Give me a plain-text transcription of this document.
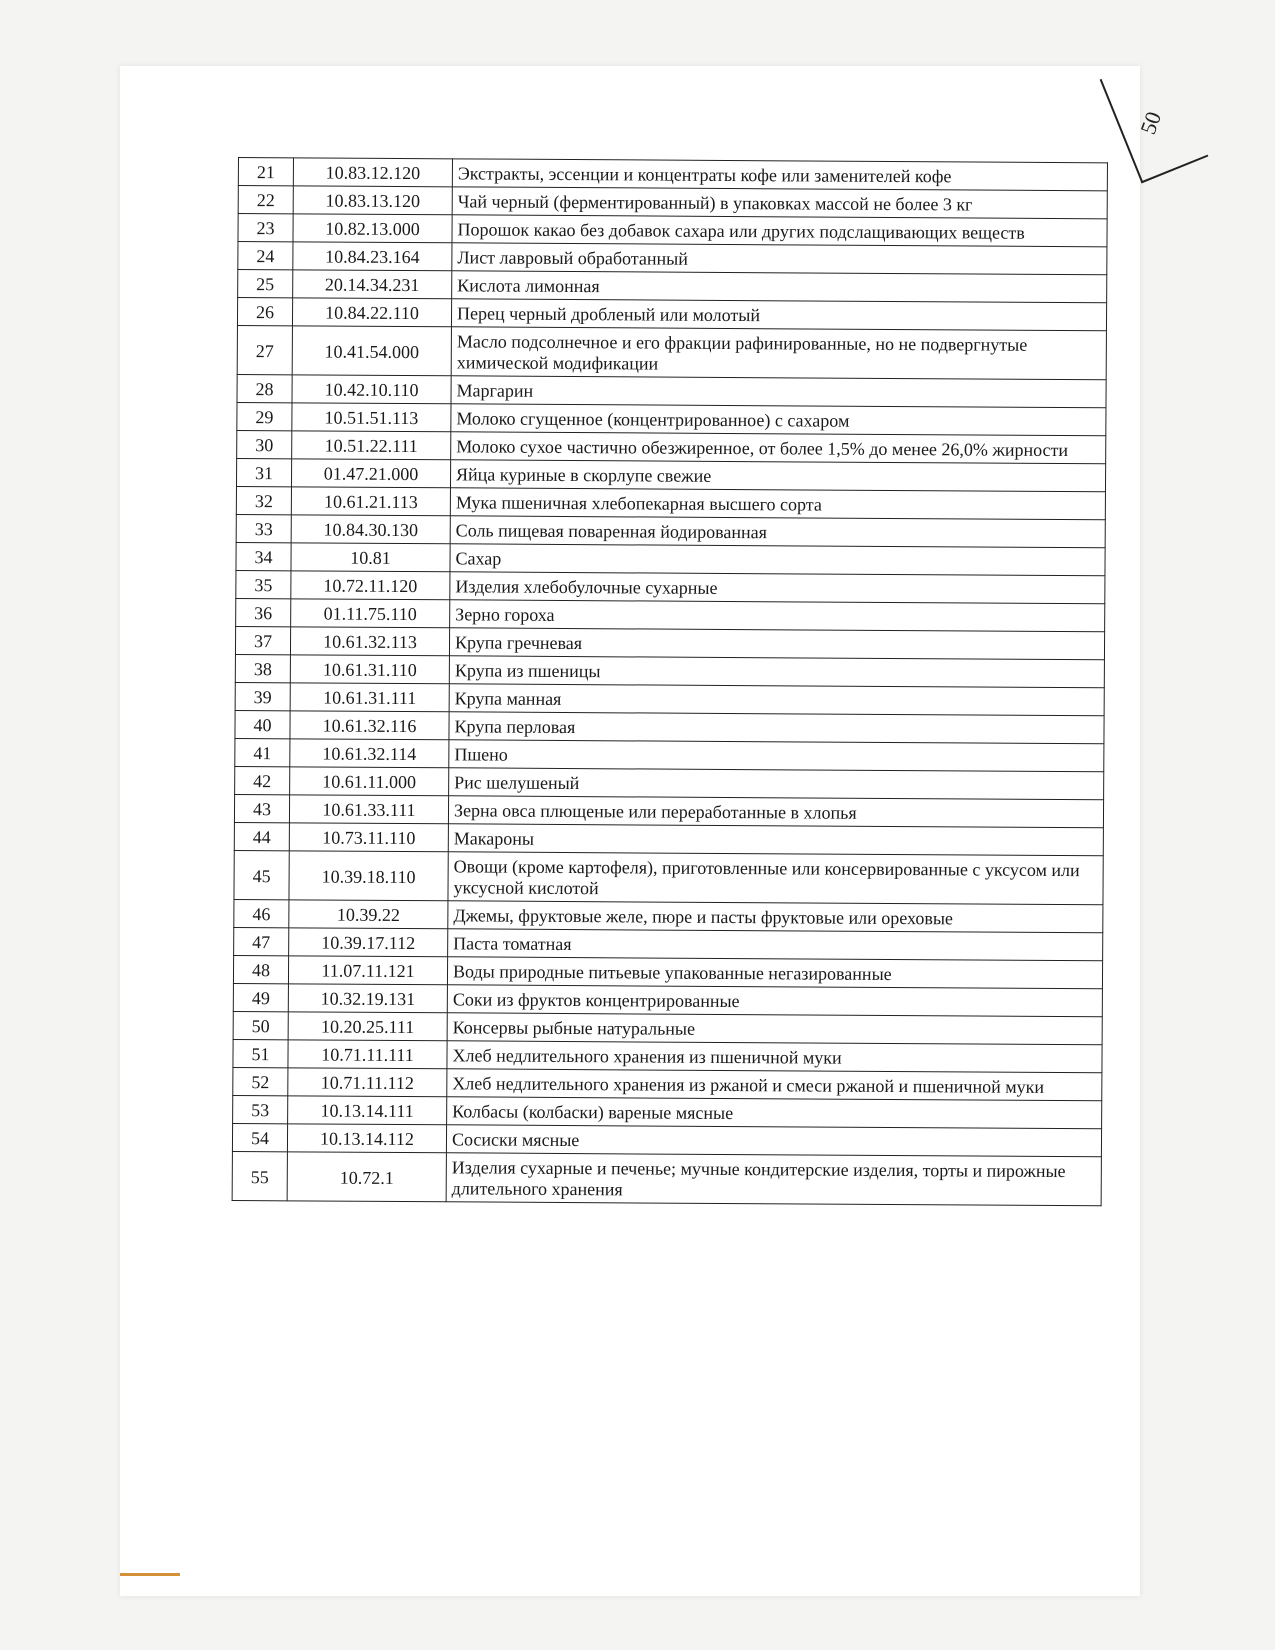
50
21	10.83.12.120	Экстракты, эссенции и концентраты кофе или заменителей кофе
22	10.83.13.120	Чай черный (ферментированный) в упаковках массой не более 3 кг
23	10.82.13.000	Порошок какао без добавок сахара или других подслащивающих веществ
24	10.84.23.164	Лист лавровый обработанный
25	20.14.34.231	Кислота лимонная
26	10.84.22.110	Перец черный дробленый или молотый
27	10.41.54.000	Масло подсолнечное и его фракции рафинированные, но не подвергнутые химической модификации
28	10.42.10.110	Маргарин
29	10.51.51.113	Молоко сгущенное (концентрированное) с сахаром
30	10.51.22.111	Молоко сухое частично обезжиренное, от более 1,5% до менее 26,0% жирности
31	01.47.21.000	Яйца куриные в скорлупе свежие
32	10.61.21.113	Мука пшеничная хлебопекарная высшего сорта
33	10.84.30.130	Соль пищевая поваренная йодированная
34	10.81	Сахар
35	10.72.11.120	Изделия хлебобулочные сухарные
36	01.11.75.110	Зерно гороха
37	10.61.32.113	Крупа гречневая
38	10.61.31.110	Крупа из пшеницы
39	10.61.31.111	Крупа манная
40	10.61.32.116	Крупа перловая
41	10.61.32.114	Пшено
42	10.61.11.000	Рис шелушеный
43	10.61.33.111	Зерна овса плющеные или переработанные в хлопья
44	10.73.11.110	Макароны
45	10.39.18.110	Овощи (кроме картофеля), приготовленные или консервированные с уксусом или уксусной кислотой
46	10.39.22	Джемы, фруктовые желе, пюре и пасты фруктовые или ореховые
47	10.39.17.112	Паста томатная
48	11.07.11.121	Воды природные питьевые упакованные негазированные
49	10.32.19.131	Соки из фруктов концентрированные
50	10.20.25.111	Консервы рыбные натуральные
51	10.71.11.111	Хлеб недлительного хранения из пшеничной муки
52	10.71.11.112	Хлеб недлительного хранения из ржаной и смеси ржаной и пшеничной муки
53	10.13.14.111	Колбасы (колбаски) вареные мясные
54	10.13.14.112	Сосиски мясные
55	10.72.1	Изделия сухарные и печенье; мучные кондитерские изделия, торты и пирожные длительного хранения
